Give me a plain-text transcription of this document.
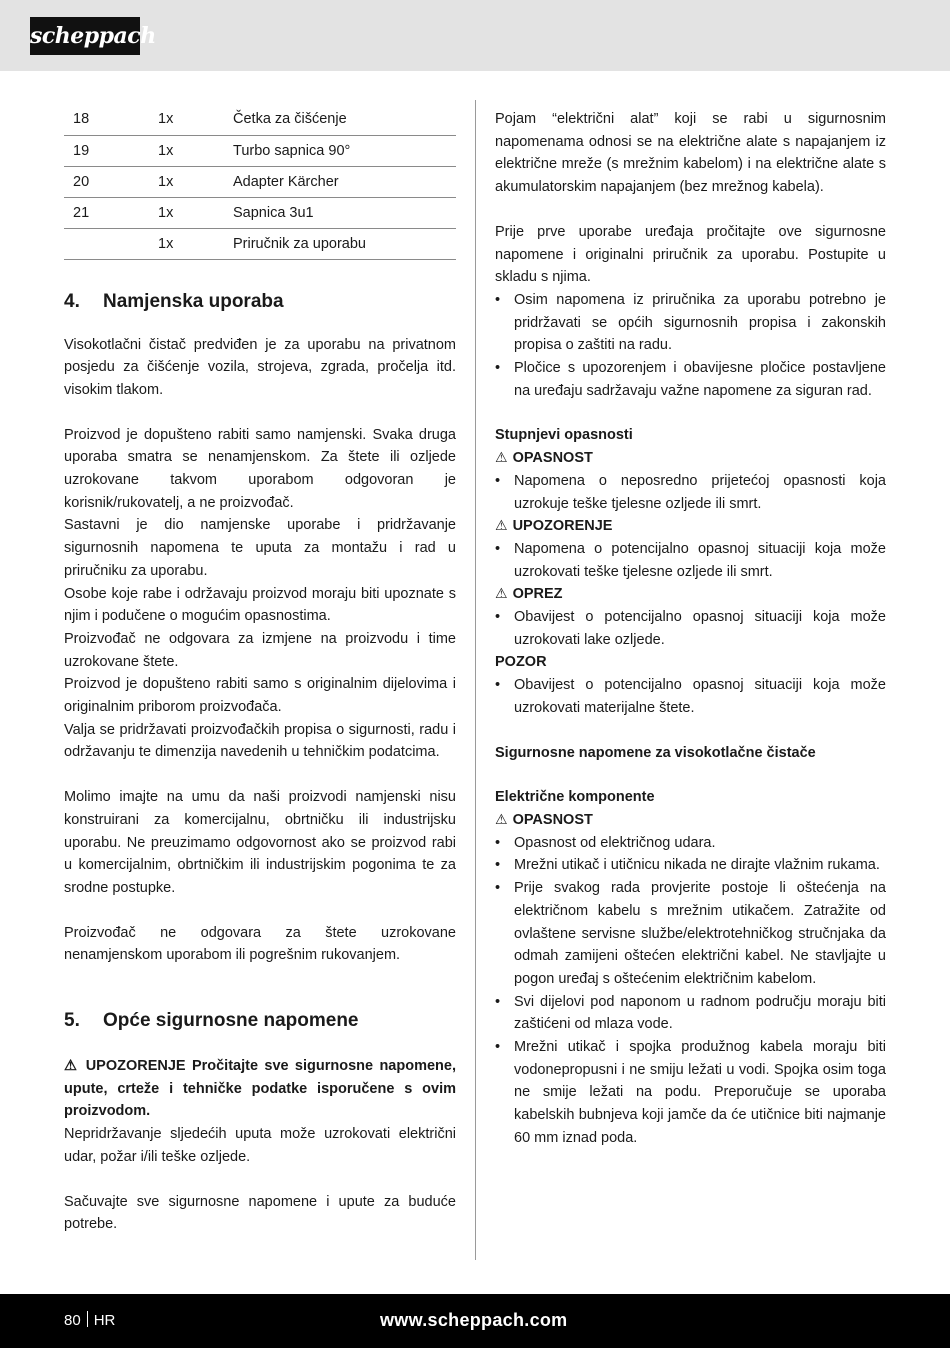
scheppach
18	1x	Četka za čišćenje
19	1x	Turbo sapnica 90°
20	1x	Adapter Kärcher
21	1x	Sapnica 3u1
	1x	Priručnik za uporabu
4.	Namjenska uporaba

Visokotlačni čistač predviđen je za uporabu na privatnom posjedu za čišćenje vozila, strojeva, zgrada, pročelja itd. visokim tlakom.

Proizvod je dopušteno rabiti samo namjenski. Svaka druga uporaba smatra se nenamjenskom. Za štete ili ozljede uzrokovane takvom uporabom odgovoran je korisnik/rukovatelj, a ne proizvođač.

Sastavni je dio namjenske uporabe i pridržavanje sigurnosnih napomena te uputa za montažu i rad u priručniku za uporabu.

Osobe koje rabe i održavaju proizvod moraju biti upoznate s njim i podučene o mogućim opasnostima.

Proizvođač ne odgovara za izmjene na proizvodu i time uzrokovane štete.

Proizvod je dopušteno rabiti samo s originalnim dijelovima i originalnim priborom proizvođača.

Valja se pridržavati proizvođačkih propisa o sigurnosti, radu i održavanju te dimenzija navedenih u tehničkim podatcima.

Molimo imajte na umu da naši proizvodi namjenski nisu konstruirani za komercijalnu, obrtničku ili industrijsku uporabu. Ne preuzimamo odgovornost ako se proizvod rabi u komercijalnim, obrtničkim ili industrijskim pogonima te za srodne postupke.

Proizvođač ne odgovara za štete uzrokovane nenamjenskom uporabom ili pogrešnim rukovanjem.

5.	Opće sigurnosne napomene

⚠ UPOZORENJE Pročitajte sve sigurnosne napomene, upute, crteže i tehničke podatke isporučene s ovim proizvodom.

Nepridržavanje sljedećih uputa može uzrokovati električni udar, požar i/ili teške ozljede.

Sačuvajte sve sigurnosne napomene i upute za buduće potrebe.

Pojam “električni alat” koji se rabi u sigurnosnim napomenama odnosi se na električne alate s napajanjem iz električne mreže (s mrežnim kabelom) i na električne alate s akumulatorskim napajanjem (bez mrežnog kabela).

Prije prve uporabe uređaja pročitajte ove sigurnosne napomene i originalni priručnik za uporabu. Postupite u skladu s njima.

• Osim napomena iz priručnika za uporabu potrebno je pridržavati se općih sigurnosnih propisa i zakonskih propisa o zaštiti na radu.
• Pločice s upozorenjem i obavijesne pločice postavljene na uređaju sadržavaju važne napomene za siguran rad.

Stupnjevi opasnosti

⚠ OPASNOST
• Napomena o neposredno prijetećoj opasnosti koja uzrokuje teške tjelesne ozljede ili smrt.
⚠ UPOZORENJE
• Napomena o potencijalno opasnoj situaciji koja može uzrokovati teške tjelesne ozljede ili smrt.
⚠ OPREZ
• Obavijest o potencijalno opasnoj situaciji koja može uzrokovati lake ozljede.
POZOR
• Obavijest o potencijalno opasnoj situaciji koja može uzrokovati materijalne štete.

Sigurnosne napomene za visokotlačne čistače

Električne komponente

⚠ OPASNOST
• Opasnost od električnog udara.
• Mrežni utikač i utičnicu nikada ne dirajte vlažnim rukama.
• Prije svakog rada provjerite postoje li oštećenja na električnom kabelu s mrežnim utikačem. Zatražite od ovlaštene servisne službe/elektrotehničkog stručnjaka da odmah zamijeni oštećen električni kabel. Ne stavljajte u pogon uređaj s oštećenim električnim kabelom.
• Svi dijelovi pod naponom u radnom području moraju biti zaštićeni od mlaza vode.
• Mrežni utikač i spojka produžnog kabela moraju biti vodonepropusni i ne smiju ležati u vodi. Spojka osim toga ne smije ležati na podu. Preporučuje se uporaba kabelskih bubnjeva koji jamče da će utičnice biti najmanje 60 mm iznad poda.
80 HR	www.scheppach.com
